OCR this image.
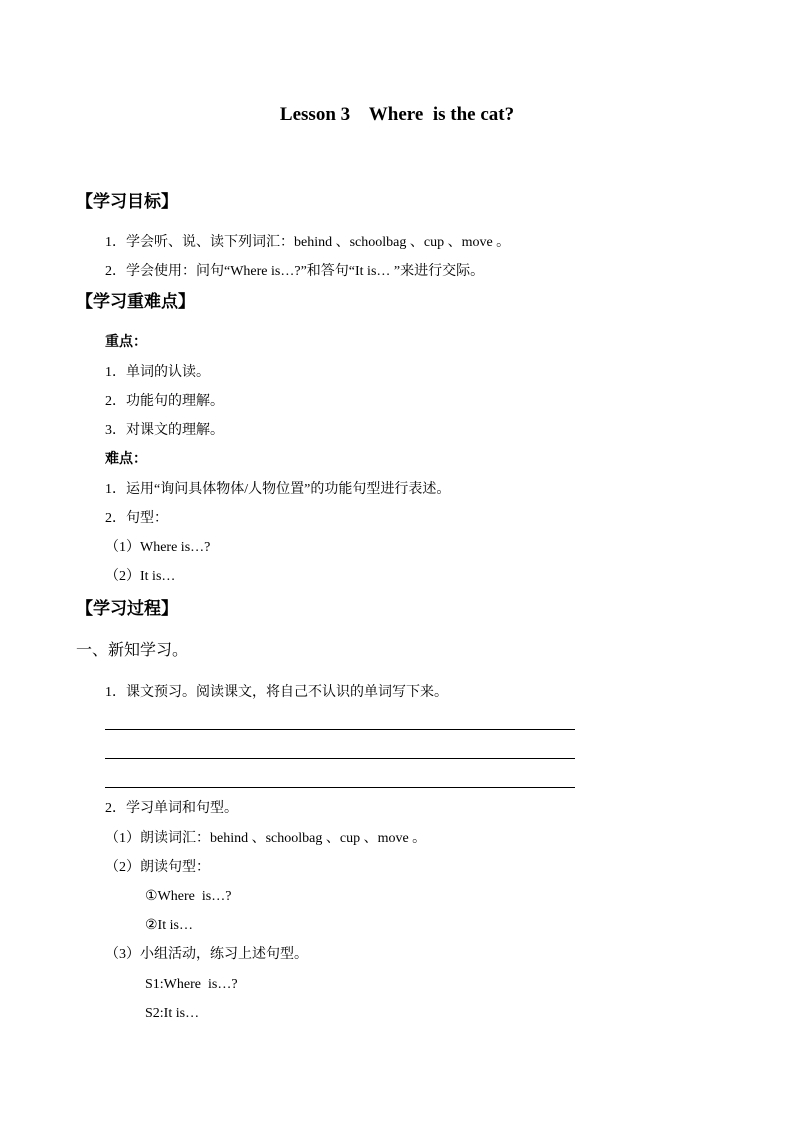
Lesson 3    Where  is the cat?
【学习目标】
1．学会听、说、读下列词汇：behind 、schoolbag 、cup 、move 。
2．学会使用：问句“Where is…?”和答句“It is… ”来进行交际。
【学习重难点】
重点：
1．单词的认读。
2．功能句的理解。
3．对课文的理解。
难点：
1．运用“询问具体物体/人物位置”的功能句型进行表述。
2．句型：
（1）Where is…?
（2）It is…
【学习过程】
一、新知学习。
1．课文预习。阅读课文，将自己不认识的单词写下来。
2．学习单词和句型。
（1）朗读词汇：behind 、schoolbag 、cup 、move 。
（2）朗读句型：
①Where  is…?
②It is…
（3）小组活动，练习上述句型。
S1:Where  is…?
S2:It is…
